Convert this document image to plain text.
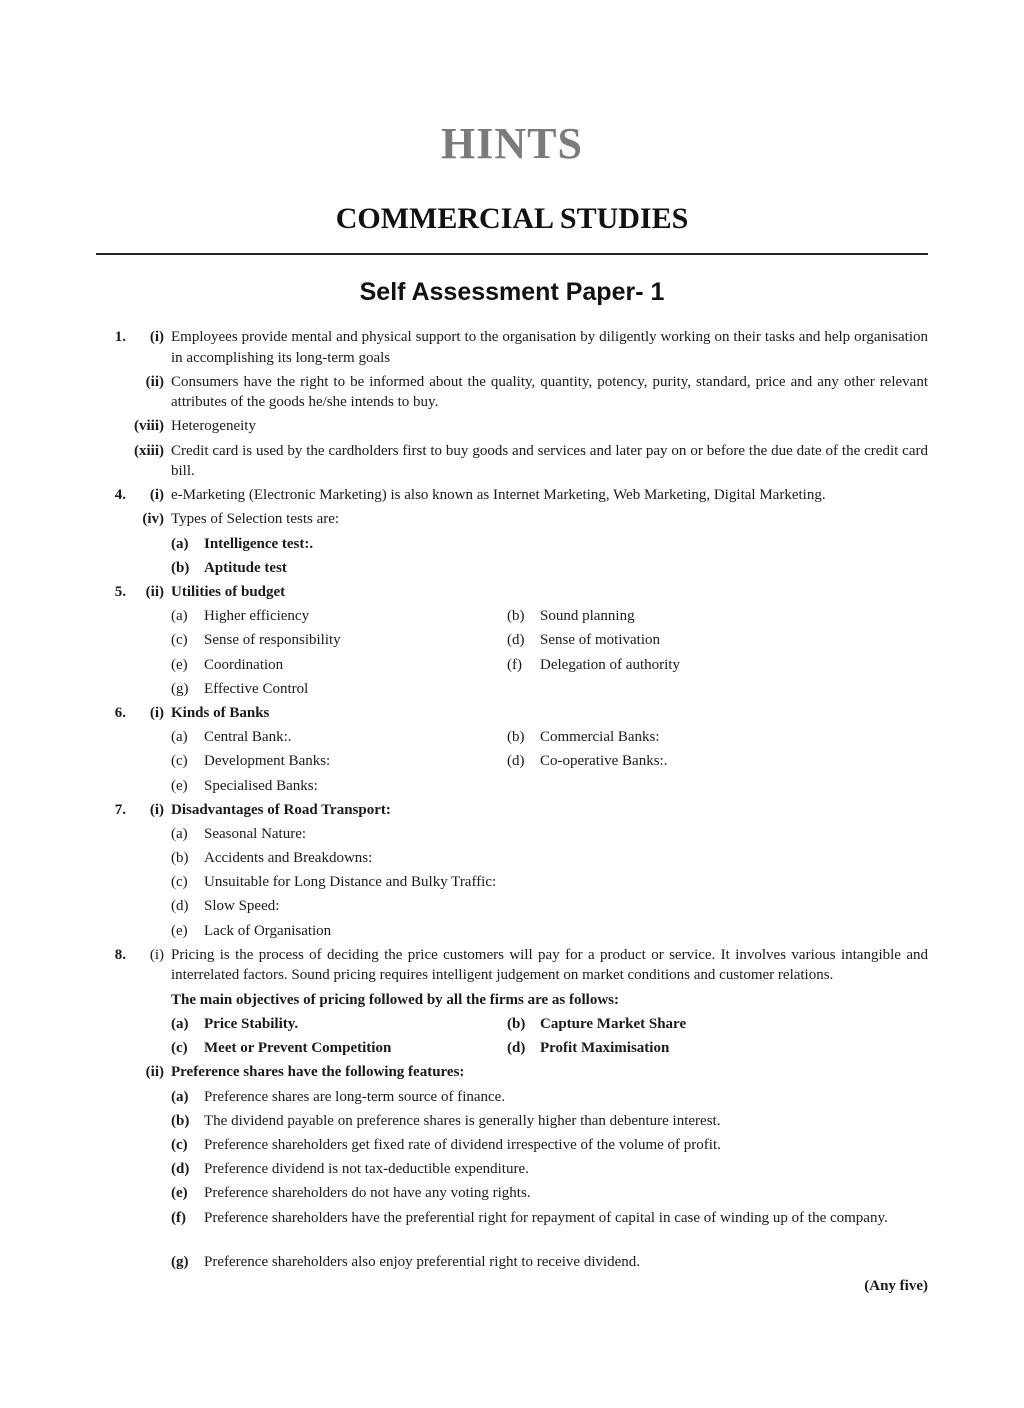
HINTS
COMMERCIAL STUDIES
Self Assessment Paper- 1
1.	(i) Employees provide mental and physical support to the organisation by diligently working on their tasks and help organisation in accomplishing its long-term goals
(ii) Consumers have the right to be informed about the quality, quantity, potency, purity, standard, price and any other relevant attributes of the goods he/she intends to buy.
(viii) Heterogeneity
(xiii) Credit card is used by the cardholders first to buy goods and services and later pay on or before the due date of the credit card bill.
4.	(i) e-Marketing (Electronic Marketing) is also known as Internet Marketing, Web Marketing, Digital Marketing.
(iv) Types of Selection tests are:
(a)	Intelligence test:.
(b) Aptitude test
5.	(ii) Utilities of budget
(a)	Higher efficiency	(b)	Sound planning
(c)	Sense of responsibility	(d)	Sense of motivation
(e)	Coordination	(f)	Delegation of authority
(g)	Effective Control
6.	(i) Kinds of Banks
(a)	Central Bank:.	(b)	Commercial Banks:
(c)	Development Banks:	(d)	Co-operative Banks:.
(e)	Specialised Banks:
7.	(i) Disadvantages of Road Transport:
(a)	Seasonal Nature:
(b)	Accidents and Breakdowns:
(c)	Unsuitable for Long Distance and Bulky Traffic:
(d)	Slow Speed:
(e)	Lack of Organisation
8.	(i) Pricing is the process of deciding the price customers will pay for a product or service. It involves various intangible and interrelated factors. Sound pricing requires intelligent judgement on market conditions and customer relations.
The main objectives of pricing followed by all the firms are as follows:
(a)	Price Stability.	(b) Capture Market Share
(c)	Meet or Prevent Competition	(d) Profit Maximisation
(ii) Preference shares have the following features:
(a)	Preference shares are long-term source of finance.
(b) The dividend payable on preference shares is generally higher than debenture interest.
(c)	Preference shareholders get fixed rate of dividend irrespective of the volume of profit.
(d) Preference dividend is not tax-deductible expenditure.
(e)	Preference shareholders do not have any voting rights.
(f)	Preference shareholders have the preferential right for repayment of capital in case of winding up of the company.
(g)	Preference shareholders also enjoy preferential right to receive dividend.
(Any five)
